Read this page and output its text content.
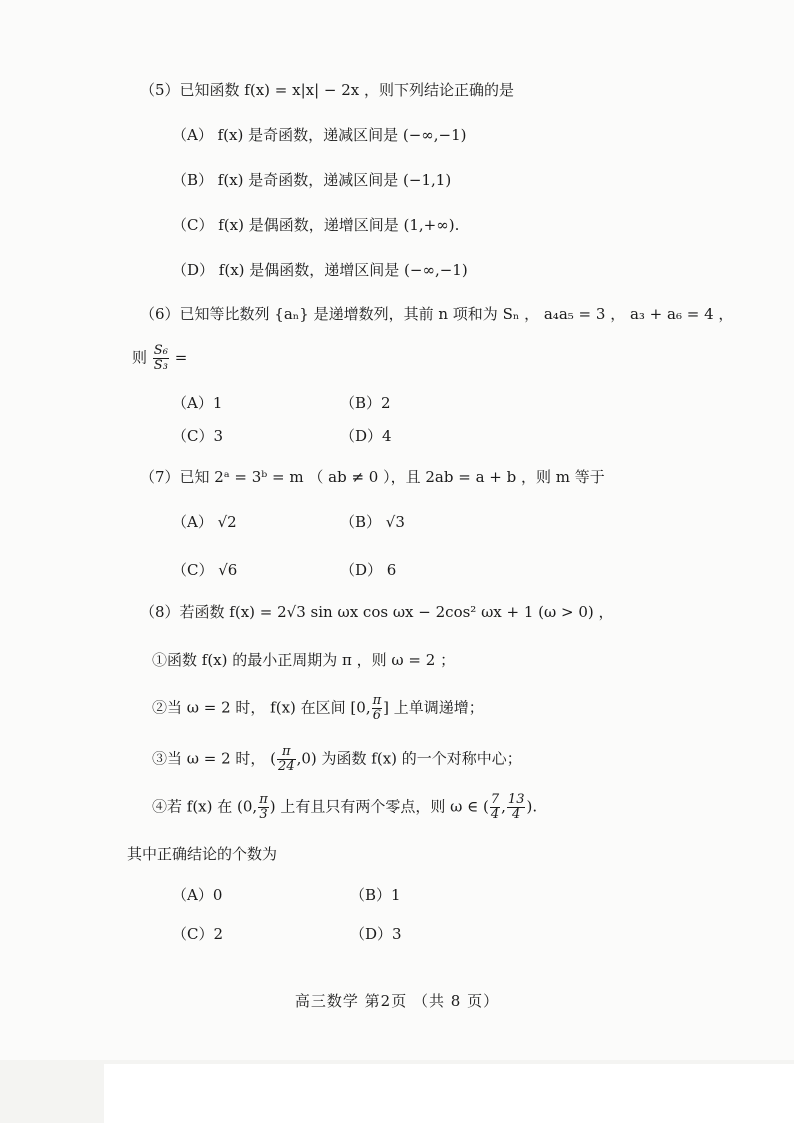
（5）已知函数 f(x) = x|x| − 2x ，则下列结论正确的是
（A） f(x) 是奇函数，递减区间是 (−∞,−1)
（B） f(x) 是奇函数，递减区间是 (−1,1)
（C） f(x) 是偶函数，递增区间是 (1,+∞).
（D） f(x) 是偶函数，递增区间是 (−∞,−1)
（6）已知等比数列 {aₙ} 是递增数列，其前 n 项和为 Sₙ ， a₄a₅ = 3 ， a₃ + a₆ = 4 ，
则 $\frac{\text{S₆}}{\text{S₃}}$ =
（A）1	（B）2
（C）3	（D）4
（7）已知 2ᵃ = 3ᵇ = m （ ab ≠ 0 ），且 2ab = a + b ，则 m 等于
（A） √2	（B） √3
（C） √6	（D） 6
（8）若函数 f(x) = 2√3 sin ωx cos ωx − 2cos² ωx + 1 (ω > 0) ，
①函数 f(x) 的最小正周期为 π ，则 ω = 2 ；
②当 ω = 2 时， f(x) 在区间 [0, $\frac{\pi}{6}$ ] 上单调递增；
③当 ω = 2 时， ( $\frac{\pi}{24} ,0$) 为函数 f(x) 的一个对称中心；
④若 f(x) 在 (0, $\frac{\pi}{3}$ ) 上有且只有两个零点，则 ω ∈ ( $\frac{7}{4}$ , $\frac{13}{4}$ ).
其中正确结论的个数为
（A）0	（B）1
（C）2	（D）3
高三数学 第2页 （共 8 页）
